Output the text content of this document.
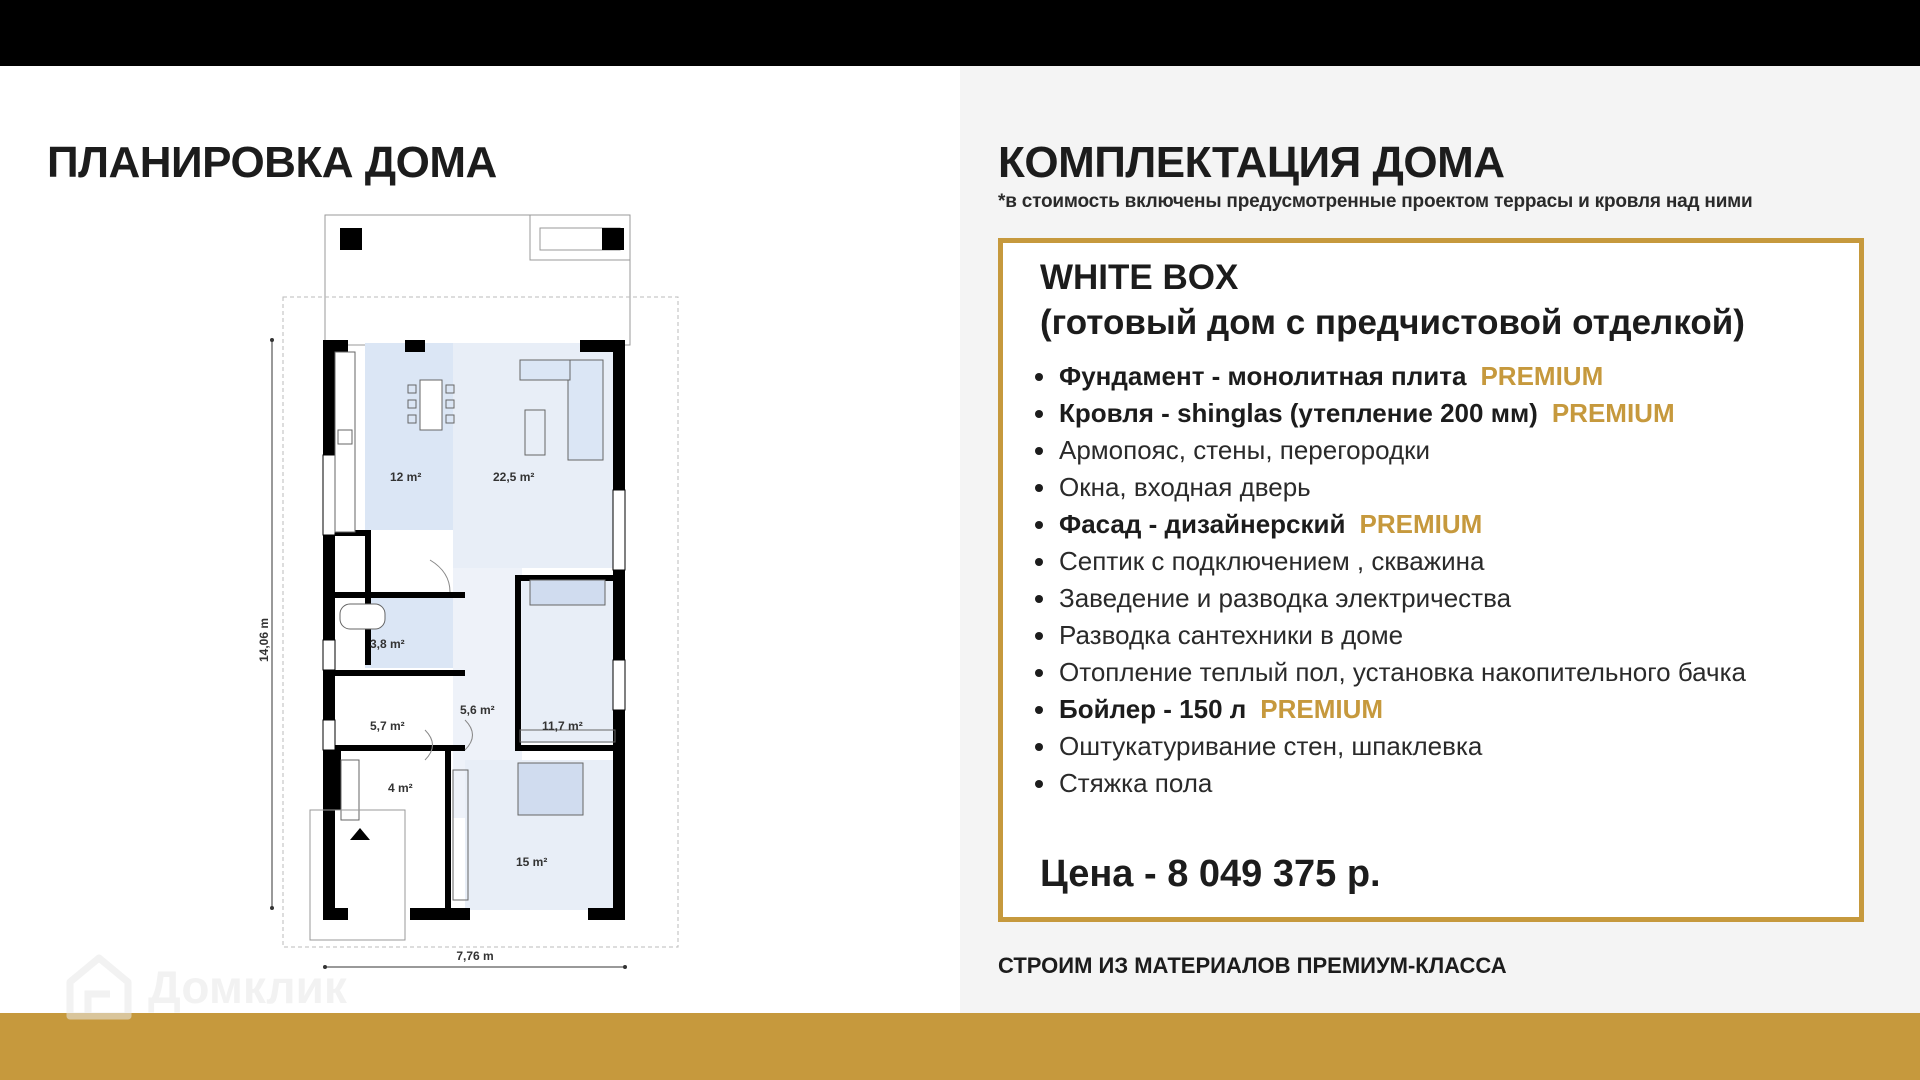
ПЛАНИРОВКА ДОМА
12 m²	22,5 m²
3,8 m²
5,7 m²
5,6 m²
11,7 m²
4 m²
15 m²
14,06 m
7,76 m
КОМПЛЕКТАЦИЯ ДОМА
*в стоимость включены предусмотренные проектом террасы и кровля над ними
WHITE BOX
(готовый дом с предчистовой отделкой)
Фундамент - монолитная плита PREMIUM
Кровля - shinglas (утепление 200 мм) PREMIUM
Армопояс, стены, перегородки
Окна, входная дверь
Фасад - дизайнерский PREMIUM
Септик с подключением , скважина
Заведение и разводка электричества
Разводка сантехники в доме
Отопление теплый пол, установка накопительного бачка
Бойлер - 150 л PREMIUM
Оштукатуривание стен, шпаклевка
Стяжка пола
Цена - 8 049 375 р.
СТРОИМ ИЗ МАТЕРИАЛОВ ПРЕМИУМ-КЛАССА
Домклик
